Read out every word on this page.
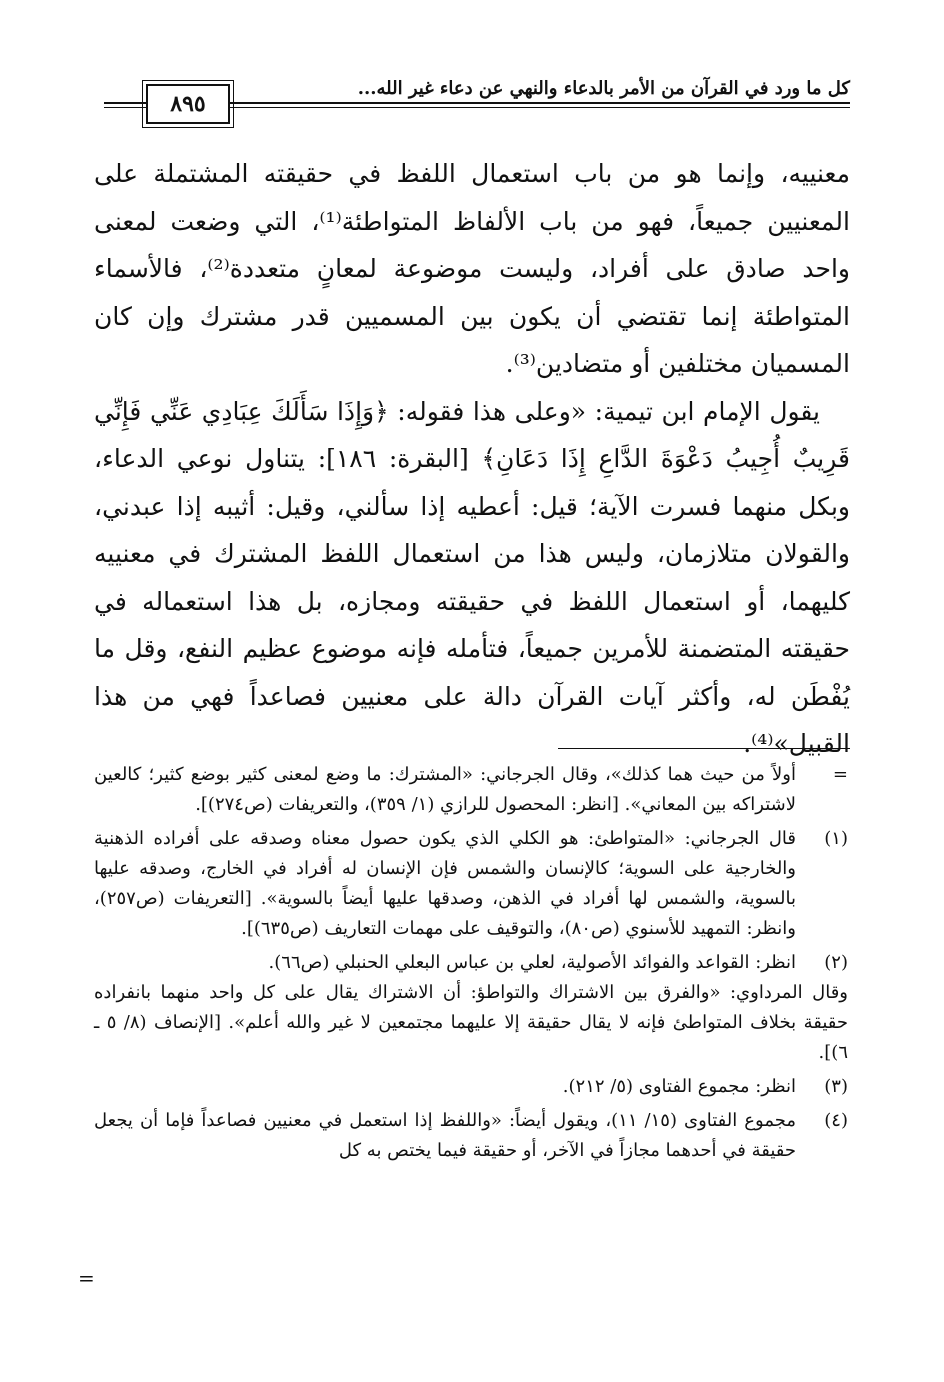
كل ما ورد في القرآن من الأمر بالدعاء والنهي عن دعاء غير الله...
٨٩٥

معنييه، وإنما هو من باب استعمال اللفظ في حقيقته المشتملة على المعنيين جميعاً، فهو من باب الألفاظ المتواطئة⁽¹⁾، التي وضعت لمعنى واحد صادق على أفراد، وليست موضوعة لمعانٍ متعددة⁽²⁾، فالأسماء المتواطئة إنما تقتضي أن يكون بين المسميين قدر مشترك وإن كان المسميان مختلفين أو متضادين⁽³⁾.

يقول الإمام ابن تيمية: «وعلى هذا فقوله: ﴿وَإِذَا سَأَلَكَ عِبَادِي عَنِّي فَإِنِّي قَرِيبٌ أُجِيبُ دَعْوَةَ الدَّاعِ إِذَا دَعَانِ﴾ [البقرة: ١٨٦]: يتناول نوعي الدعاء، وبكل منهما فسرت الآية؛ قيل: أعطيه إذا سألني، وقيل: أثيبه إذا عبدني، والقولان متلازمان، وليس هذا من استعمال اللفظ المشترك في معنييه كليهما، أو استعمال اللفظ في حقيقته ومجازه، بل هذا استعماله في حقيقته المتضمنة للأمرين جميعاً، فتأمله فإنه موضوع عظيم النفع، وقل ما يُفْطَن له، وأكثر آيات القرآن دالة على معنيين فصاعداً فهي من هذا القبيل»⁽⁴⁾.

=
أولاً من حيث هما كذلك»، وقال الجرجاني: «المشترك: ما وضع لمعنى كثير بوضع كثير؛ كالعين لاشتراكه بين المعاني». [انظر: المحصول للرازي (١/ ٣٥٩)، والتعريفات (ص٢٧٤)].
(١)
قال الجرجاني: «المتواطئ: هو الكلي الذي يكون حصول معناه وصدقه على أفراده الذهنية والخارجية على السوية؛ كالإنسان والشمس فإن الإنسان له أفراد في الخارج، وصدقه عليها بالسوية، والشمس لها أفراد في الذهن، وصدقها عليها أيضاً بالسوية». [التعريفات (ص٢٥٧)، وانظر: التمهيد للأسنوي (ص٨٠)، والتوقيف على مهمات التعاريف (ص٦٣٥)].
(٢)
انظر: القواعد والفوائد الأصولية، لعلي بن عباس البعلي الحنبلي (ص٦٦).
وقال المرداوي: «والفرق بين الاشتراك والتواطؤ: أن الاشتراك يقال على كل واحد منهما بانفراده حقيقة بخلاف المتواطئ فإنه لا يقال حقيقة إلا عليهما مجتمعين لا غير والله أعلم». [الإنصاف (٨/ ٥ ـ ٦)].
(٣)
انظر: مجموع الفتاوى (٥/ ٢١٢).
(٤)
مجموع الفتاوى (١٥/ ١١)، ويقول أيضاً: «واللفظ إذا استعمل في معنيين فصاعداً فإما أن يجعل حقيقة في أحدهما مجازاً في الآخر، أو حقيقة فيما يختص به كل
=
